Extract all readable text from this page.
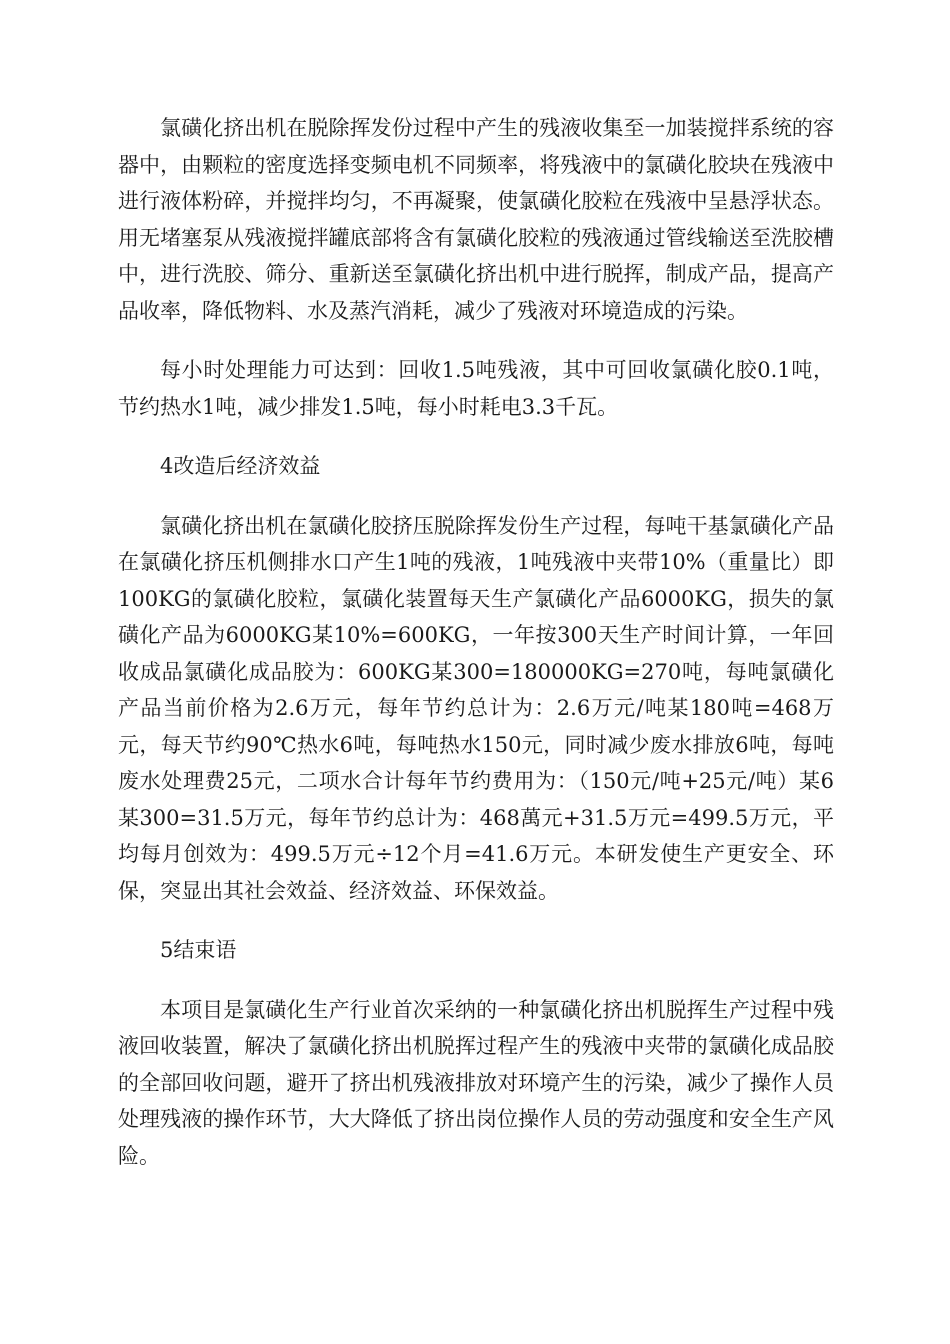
氯磺化挤出机在脱除挥发份过程中产生的残液收集至一加装搅拌系统的容器中，由颗粒的密度选择变频电机不同频率，将残液中的氯磺化胶块在残液中进行液体粉碎，并搅拌均匀，不再凝聚，使氯磺化胶粒在残液中呈悬浮状态。用无堵塞泵从残液搅拌罐底部将含有氯磺化胶粒的残液通过管线输送至洗胶槽中，进行洗胶、筛分、重新送至氯磺化挤出机中进行脱挥，制成产品，提高产品收率，降低物料、水及蒸汽消耗，减少了残液对环境造成的污染。

每小时处理能力可达到：回收1.5吨残液，其中可回收氯磺化胶0.1吨，节约热水1吨，减少排发1.5吨，每小时耗电3.3千瓦。

4改造后经济效益

氯磺化挤出机在氯磺化胶挤压脱除挥发份生产过程，每吨干基氯磺化产品在氯磺化挤压机侧排水口产生1吨的残液，1吨残液中夹带10%（重量比）即100KG的氯磺化胶粒，氯磺化装置每天生产氯磺化产品6000KG，损失的氯磺化产品为6000KG某10%=600KG，一年按300天生产时间计算，一年回收成品氯磺化成品胶为：600KG某300=180000KG=270吨，每吨氯磺化产品当前价格为2.6万元，每年节约总计为：2.6万元/吨某180吨=468万元，每天节约90℃热水6吨，每吨热水150元，同时减少废水排放6吨，每吨废水处理费25元，二项水合计每年节约费用为：（150元/吨+25元/吨）某6某300=31.5万元，每年节约总计为：468萬元+31.5万元=499.5万元，平均每月创效为：499.5万元÷12个月=41.6万元。本研发使生产更安全、环保，突显出其社会效益、经济效益、环保效益。

5结束语

本项目是氯磺化生产行业首次采纳的一种氯磺化挤出机脱挥生产过程中残液回收装置，解决了氯磺化挤出机脱挥过程产生的残液中夹带的氯磺化成品胶的全部回收问题，避开了挤出机残液排放对环境产生的污染，减少了操作人员处理残液的操作环节，大大降低了挤出岗位操作人员的劳动强度和安全生产风险。
